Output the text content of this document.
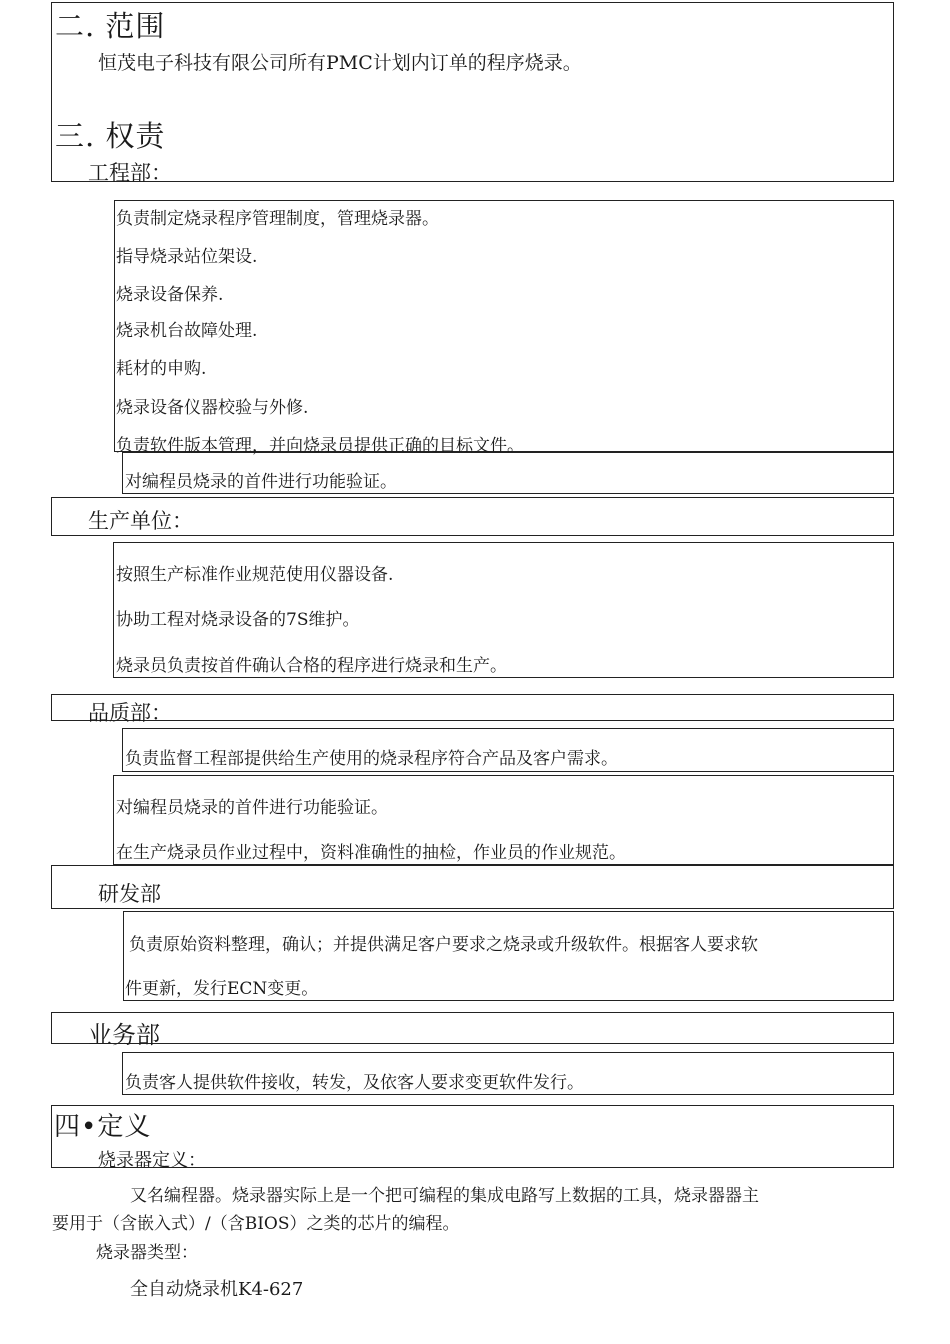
二. 范围
恒茂电子科技有限公司所有PMC计划内订单的程序烧录。
三. 权责
工程部：
负责制定烧录程序管理制度，管理烧录器。
指导烧录站位架设.
烧录设备保养.
烧录机台故障处理.
耗材的申购.
烧录设备仪器校验与外修.
负责软件版本管理，并向烧录员提供正确的目标文件。
对编程员烧录的首件进行功能验证。
生产单位：
按照生产标准作业规范使用仪器设备.
协助工程对烧录设备的7S维护。
烧录员负责按首件确认合格的程序进行烧录和生产。
品质部：
负责监督工程部提供给生产使用的烧录程序符合产品及客户需求。
对编程员烧录的首件进行功能验证。
在生产烧录员作业过程中，资料准确性的抽检，作业员的作业规范。
研发部
负责原始资料整理，确认；并提供满足客户要求之烧录或升级软件。根据客人要求软
件更新，发行ECN变更。
业务部
负责客人提供软件接收，转发，及依客人要求变更软件发行。
四•定义
烧录器定义：
又名编程器。烧录器实际上是一个把可编程的集成电路写上数据的工具，烧录器器主
要用于（含嵌入式）/（含BIOS）之类的芯片的编程。
烧录器类型：
全自动烧录机K4-627
